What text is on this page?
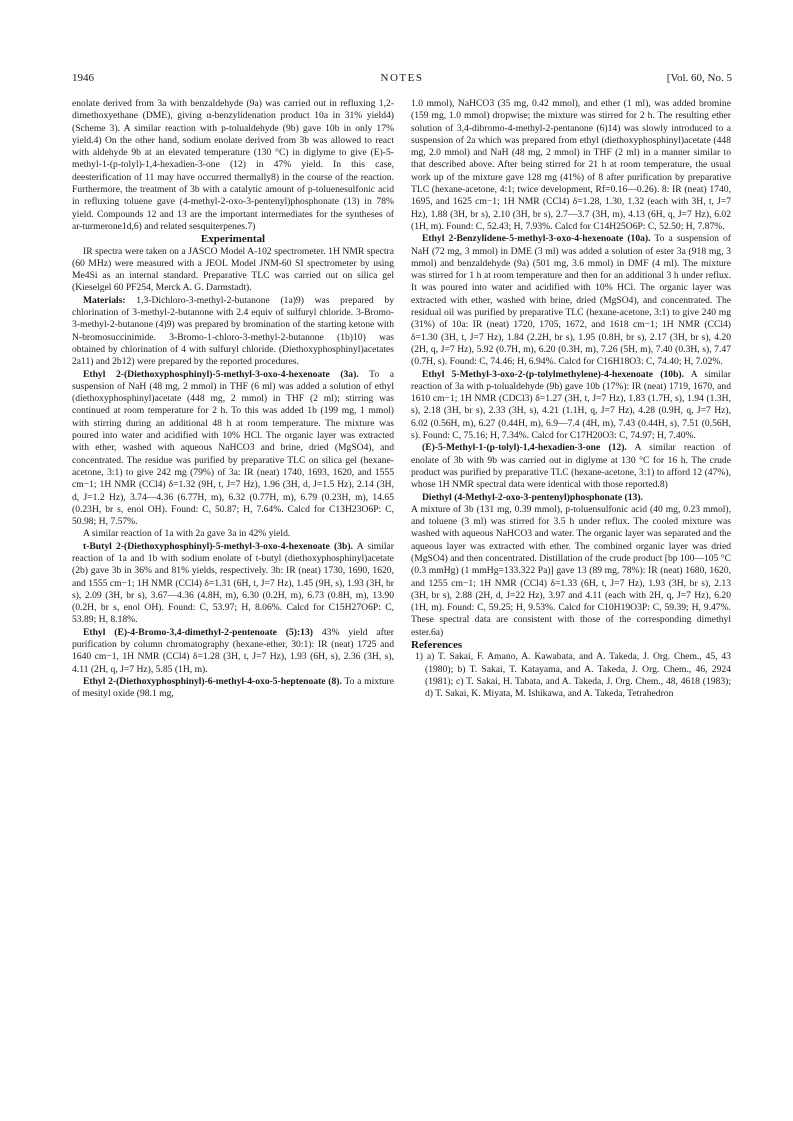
1946	NOTES	[Vol. 60, No. 5

enolate derived from 3a with benzaldehyde (9a) was carried out in refluxing 1,2-dimethoxyethane (DME), giving α-benzylidenation product 10a in 31% yield4) (Scheme 3). A similar reaction with p-tolualdehyde (9b) gave 10b in only 17% yield.4) On the other hand, sodium enolate derived from 3b was allowed to react with aldehyde 9b at an elevated temperature (130 °C) in diglyme to give (E)-5-methyl-1-(p-tolyl)-1,4-hexadien-3-one (12) in 47% yield. In this case, deesterification of 11 may have occurred thermally8) in the course of the reaction. Furthermore, the treatment of 3b with a catalytic amount of p-toluenesulfonic acid in refluxing toluene gave (4-methyl-2-oxo-3-pentenyl)phosphonate (13) in 78% yield. Compounds 12 and 13 are the important intermediates for the syntheses of ar-turmerone1d,6) and related sesquiterpenes.7)

Experimental

IR spectra were taken on a JASCO Model A-102 spectrometer. 1H NMR spectra (60 MHz) were measured with a JEOL Model JNM-60 SI spectrometer by using Me4Si as an internal standard. Preparative TLC was carried out on silica gel (Kieselgel 60 PF254, Merck A. G. Darmstadt).

Materials: 1,3-Dichloro-3-methyl-2-butanone (1a)9) was prepared by chlorination of 3-methyl-2-butanone with 2.4 equiv of sulfuryl chloride. 3-Bromo-3-methyl-2-butanone (4)9) was prepared by bromination of the starting ketone with N-bromosuccinimide. 3-Bromo-1-chloro-3-methyl-2-butanone (1b)10) was obtained by chlorination of 4 with sulfuryl chloride. (Diethoxyphosphinyl)acetates 2a11) and 2b12) were prepared by the reported procedures.

Ethyl 2-(Diethoxyphosphinyl)-5-methyl-3-oxo-4-hexenoate (3a). To a suspension of NaH (48 mg, 2 mmol) in THF (6 ml) was added a solution of ethyl (diethoxyphosphinyl)acetate (448 mg, 2 mmol) in THF (2 ml); stirring was continued at room temperature for 2 h. To this was added 1b (199 mg, 1 mmol) with stirring during an additional 48 h at room temperature. The mixture was poured into water and acidified with 10% HCl. The organic layer was extracted with ether, washed with aqueous NaHCO3 and brine, dried (MgSO4), and concentrated. The residue was purified by preparative TLC on silica gel (hexane-acetone, 3:1) to give 242 mg (79%) of 3a: IR (neat) 1740, 1693, 1620, and 1555 cm−1; 1H NMR (CCl4) δ=1.32 (9H, t, J=7 Hz), 1.96 (3H, d, J=1.5 Hz), 2.14 (3H, d, J=1.2 Hz), 3.74—4.36 (6.77H, m), 6.32 (0.77H, m), 6.79 (0.23H, m), 14.65 (0.23H, br s, enol OH). Found: C, 50.87; H, 7.64%. Calcd for C13H23O6P: C, 50.98; H, 7.57%.

A similar reaction of 1a with 2a gave 3a in 42% yield.

t-Butyl 2-(Diethoxyphosphinyl)-5-methyl-3-oxo-4-hexenoate (3b). A similar reaction of 1a and 1b with sodium enolate of t-butyl (diethoxyphosphinyl)acetate (2b) gave 3b in 36% and 81% yields, respectively. 3b: IR (neat) 1730, 1690, 1620, and 1555 cm−1; 1H NMR (CCl4) δ=1.31 (6H, t, J=7 Hz), 1.45 (9H, s), 1.93 (3H, br s), 2.09 (3H, br s), 3.67—4.36 (4.8H, m), 6.30 (0.2H, m), 6.73 (0.8H, m), 13.90 (0.2H, br s, enol OH). Found: C, 53.97; H, 8.06%. Calcd for C15H27O6P: C, 53.89; H, 8.18%.

Ethyl (E)-4-Bromo-3,4-dimethyl-2-pentenoate (5):13) 43% yield after purification by column chromatography (hexane-ether, 30:1): IR (neat) 1725 and 1640 cm−1, 1H NMR (CCl4) δ=1.28 (3H, t, J=7 Hz), 1.93 (6H, s), 2.36 (3H, s), 4.11 (2H, q, J=7 Hz), 5.85 (1H, m).

Ethyl 2-(Diethoxyphosphinyl)-6-methyl-4-oxo-5-heptenoate (8). To a mixture of mesityl oxide (98.1 mg,

1.0 mmol), NaHCO3 (35 mg, 0.42 mmol), and ether (1 ml), was added bromine (159 mg, 1.0 mmol) dropwise; the mixture was stirred for 2 h. The resulting ether solution of 3,4-dibromo-4-methyl-2-pentanone (6)14) was slowly introduced to a suspension of 2a which was prepared from ethyl (diethoxyphosphinyl)acetate (448 mg, 2.0 mmol) and NaH (48 mg, 2 mmol) in THF (2 ml) in a manner similar to that described above. After being stirred for 21 h at room temperature, the usual work up of the mixture gave 128 mg (41%) of 8 after purification by preparative TLC (hexane-acetone, 4:1; twice development, Rf=0.16—0.26). 8: IR (neat) 1740, 1695, and 1625 cm−1; 1H NMR (CCl4) δ=1.28, 1.30, 1.32 (each with 3H, t, J=7 Hz), 1.88 (3H, br s), 2.10 (3H, br s), 2.7—3.7 (3H, m), 4.13 (6H, q, J=7 Hz), 6.02 (1H, m). Found: C, 52.43; H, 7.93%. Calcd for C14H25O6P: C, 52.50; H, 7.87%.

Ethyl 2-Benzylidene-5-methyl-3-oxo-4-hexenoate (10a). To a suspension of NaH (72 mg, 3 mmol) in DME (3 ml) was added a solution of ester 3a (918 mg, 3 mmol) and benzaldehyde (9a) (501 mg, 3.6 mmol) in DMF (4 ml). The mixture was stirred for 1 h at room temperature and then for an additional 3 h under reflux. It was poured into water and acidified with 10% HCl. The organic layer was extracted with ether, washed with brine, dried (MgSO4), and concentrated. The residual oil was purified by preparative TLC (hexane-acetone, 3:1) to give 240 mg (31%) of 10a: IR (neat) 1720, 1705, 1672, and 1618 cm−1; 1H NMR (CCl4) δ=1.30 (3H, t, J=7 Hz), 1.84 (2.2H, br s), 1.95 (0.8H, br s), 2.17 (3H, br s), 4.20 (2H, q, J=7 Hz), 5.92 (0.7H, m), 6.20 (0.3H, m), 7.26 (5H, m), 7.40 (0.3H, s), 7.47 (0.7H, s). Found: C, 74.46; H, 6.94%. Calcd for C16H18O3: C, 74.40; H, 7.02%.

Ethyl 5-Methyl-3-oxo-2-(p-tolylmethylene)-4-hexenoate (10b). A similar reaction of 3a with p-tolualdehyde (9b) gave 10b (17%): IR (neat) 1719, 1670, and 1610 cm−1; 1H NMR (CDCl3) δ=1.27 (3H, t, J=7 Hz), 1.83 (1.7H, s), 1.94 (1.3H, s), 2.18 (3H, br s), 2.33 (3H, s), 4.21 (1.1H, q, J=7 Hz), 4.28 (0.9H, q, J=7 Hz), 6.02 (0.56H, m), 6.27 (0.44H, m), 6.9—7.4 (4H, m), 7.43 (0.44H, s), 7.51 (0.56H, s). Found: C, 75.16; H, 7.34%. Calcd for C17H20O3: C, 74.97; H, 7.40%.

(E)-5-Methyl-1-(p-tolyl)-1,4-hexadien-3-one (12). A similar reaction of enolate of 3b with 9b was carried out in diglyme at 130 °C for 16 h. The crude product was purified by preparative TLC (hexane-acetone, 3:1) to afford 12 (47%), whose 1H NMR spectral data were identical with those reported.8)

Diethyl (4-Methyl-2-oxo-3-pentenyl)phosphonate (13).

A mixture of 3b (131 mg, 0.39 mmol), p-toluensulfonic acid (40 mg, 0.23 mmol), and toluene (3 ml) was stirred for 3.5 h under reflux. The cooled mixture was washed with aqueous NaHCO3 and water. The organic layer was separated and the aqueous layer was extracted with ether. The combined organic layer was dried (MgSO4) and then concentrated. Distillation of the crude product [bp 100—105 °C (0.3 mmHg) (1 mmHg=133.322 Pa)] gave 13 (89 mg, 78%): IR (neat) 1680, 1620, and 1255 cm−1; 1H NMR (CCl4) δ=1.33 (6H, t, J=7 Hz), 1.93 (3H, br s), 2.13 (3H, br s), 2.88 (2H, d, J=22 Hz), 3.97 and 4.11 (each with 2H, q, J=7 Hz), 6.20 (1H, m). Found: C, 59.25; H, 9.53%. Calcd for C10H19O3P: C, 59.39; H, 9.47%. These spectral data are consistent with those of the corresponding dimethyl ester.6a)

References

1) a) T. Sakai, F. Amano, A. Kawabata, and A. Takeda, J. Org. Chem., 45, 43 (1980); b) T. Sakai, T. Katayama, and A. Takeda, J. Org. Chem., 46, 2924 (1981); c) T. Sakai, H. Tabata, and A. Takeda, J. Org. Chem., 48, 4618 (1983); d) T. Sakai, K. Miyata, M. Ishikawa, and A. Takeda, Tetrahedron
